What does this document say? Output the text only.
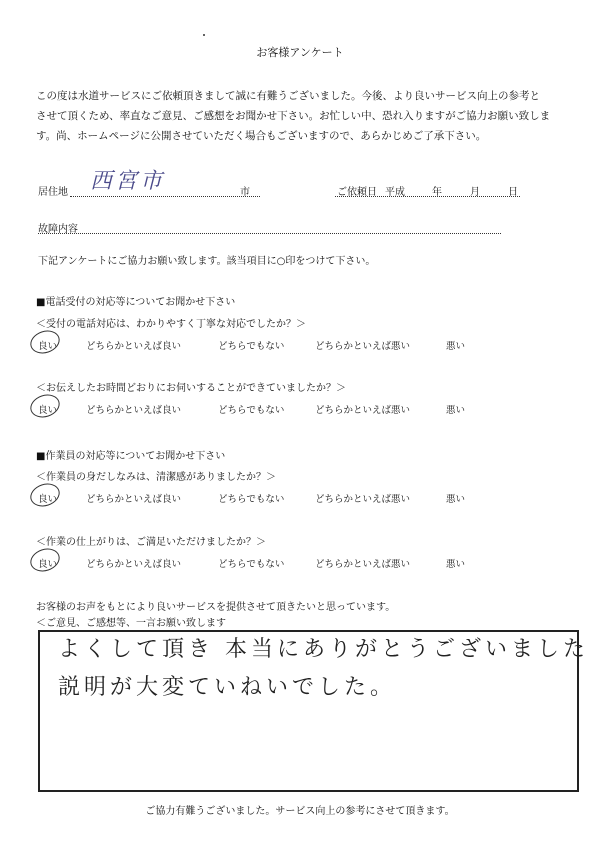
お客様アンケート
この度は水道サービスにご依頼頂きまして誠に有難うございました。今後、より良いサービス向上の参考と
させて頂くため、率直なご意見、ご感想をお聞かせ下さい。お忙しい中、恐れ入りますがご協力お願い致しま
す。尚、ホームページに公開させていただく場合もございますので、あらかじめご了承下さい。
居住地 西宮市	市	ご依頼日 平成	年	月	日
故障内容
下記アンケートにご協力お願い致します。該当項目に○印をつけて下さい。
■電話受付の対応等についてお聞かせ下さい
＜受付の電話対応は、わかりやすく丁寧な対応でしたか？＞
良い	どちらかといえば良い	どちらでもない	どちらかといえば悪い	悪い
＜お伝えしたお時間どおりにお伺いすることができていましたか？＞
良い	どちらかといえば良い	どちらでもない	どちらかといえば悪い	悪い
■作業員の対応等についてお聞かせ下さい
＜作業員の身だしなみは、清潔感がありましたか？＞
良い	どちらかといえば良い	どちらでもない	どちらかといえば悪い	悪い
＜作業の仕上がりは、ご満足いただけましたか？＞
良い	どちらかといえば良い	どちらでもない	どちらかといえば悪い	悪い
お客様のお声をもとにより良いサービスを提供させて頂きたいと思っています。
＜ご意見、ご感想等、一言お願い致します
よくして頂き 本当にありがとうございました
説明が大変ていねいでした。
ご協力有難うございました。サービス向上の参考にさせて頂きます。
